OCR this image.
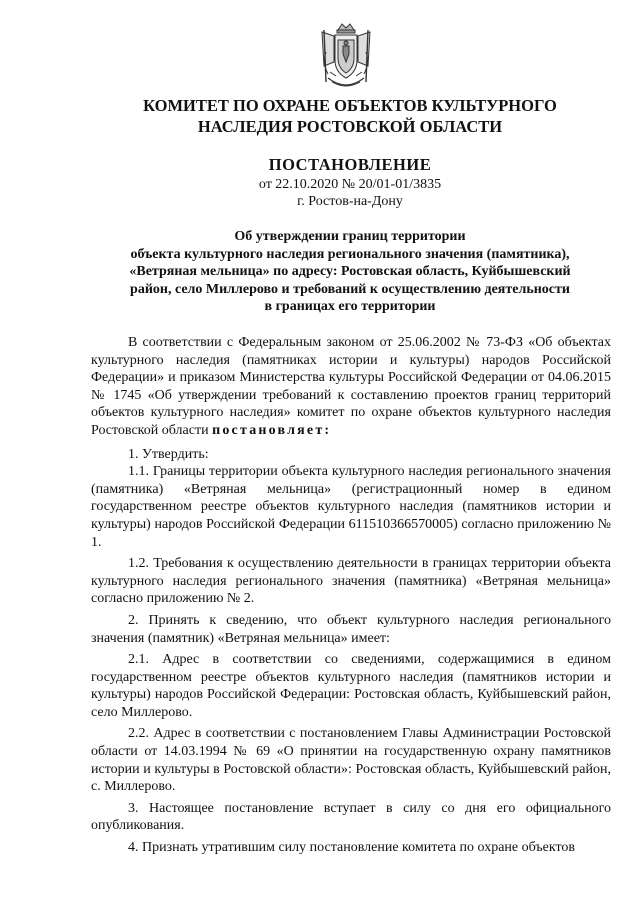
КОМИТЕТ ПО ОХРАНЕ ОБЪЕКТОВ КУЛЬТУРНОГО
НАСЛЕДИЯ РОСТОВСКОЙ ОБЛАСТИ
ПОСТАНОВЛЕНИЕ
от 22.10.2020 № 20/01-01/3835
г. Ростов-на-Дону
Об утверждении границ территории
объекта культурного наследия регионального значения (памятника),
«Ветряная мельница» по адресу: Ростовская область, Куйбышевский
район, село Миллерово и требований к осуществлению деятельности
в границах его территории

В соответствии с Федеральным законом от 25.06.2002 № 73-ФЗ «Об объектах культурного наследия (памятниках истории и культуры) народов Российской Федерации» и приказом Министерства культуры Российской Федерации от 04.06.2015 № 1745 «Об утверждении требований к составлению проектов границ территорий объектов культурного наследия» комитет по охране объектов культурного наследия Ростовской области постановляет:

1. Утвердить:

1.1. Границы территории объекта культурного наследия регионального значения (памятника) «Ветряная мельница» (регистрационный номер в едином государственном реестре объектов культурного наследия (памятников истории и культуры) народов Российской Федерации 611510366570005) согласно приложению № 1.

1.2. Требования к осуществлению деятельности в границах территории объекта культурного наследия регионального значения (памятника) «Ветряная мельница» согласно приложению № 2.

2. Принять к сведению, что объект культурного наследия регионального значения (памятник) «Ветряная мельница» имеет:

2.1. Адрес в соответствии со сведениями, содержащимися в едином государственном реестре объектов культурного наследия (памятников истории и культуры) народов Российской Федерации: Ростовская область, Куйбышевский район, село Миллерово.

2.2. Адрес в соответствии с постановлением Главы Администрации Ростовской области от 14.03.1994 № 69 «О принятии на государственную охрану памятников истории и культуры в Ростовской области»: Ростовская область, Куйбышевский район, с. Миллерово.

3. Настоящее постановление вступает в силу со дня его официального опубликования.

4. Признать утратившим силу постановление комитета по охране объектов
